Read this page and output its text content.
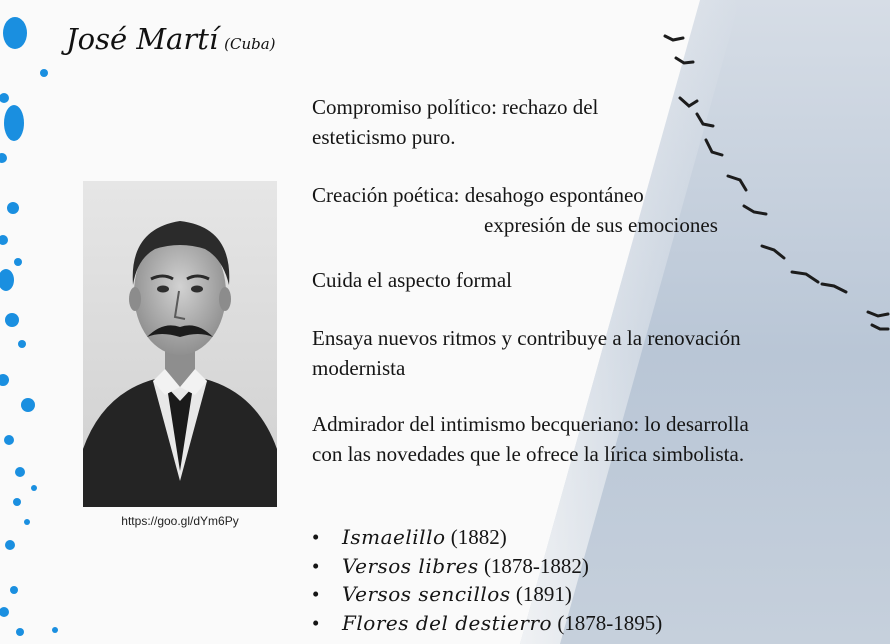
José Martí (Cuba)
https://goo.gl/dYm6Py
Compromiso político: rechazo del esteticismo puro.
Creación poética: desahogo espontáneo
expresión de sus emociones
Cuida el aspecto formal
Ensaya nuevos ritmos y contribuye a la renovación modernista
Admirador del intimismo becqueriano: lo desarrolla con las novedades que le ofrece la lírica simbolista.
• Ismaelillo (1882)
• Versos libres (1878-1882)
• Versos sencillos (1891)
• Flores del destierro (1878-1895)
